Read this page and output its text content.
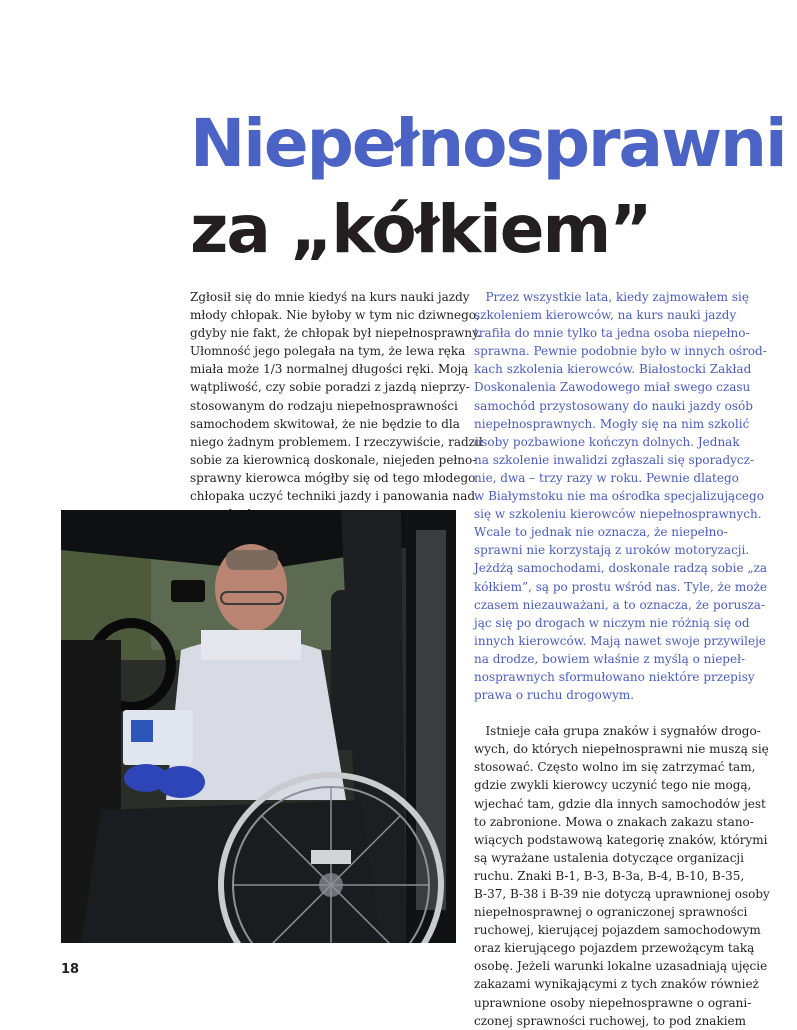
Niepełnosprawni
za „kółkiem”

Zgłosił się do mnie kiedyś na kurs nauki jazdy
młody chłopak. Nie byłoby w tym nic dziwnego,
gdyby nie fakt, że chłopak był niepełnosprawny.
Ułomność jego polegała na tym, że lewa ręka
miała może 1/3 normalnej długości ręki. Moją
wątpliwość, czy sobie poradzi z jazdą nieprzy-
stosowanym do rodzaju niepełnosprawności
samochodem skwitował, że nie będzie to dla
niego żadnym problemem. I rzeczywiście, radził
sobie za kierownicą doskonale, niejeden pełno-
sprawny kierowca mógłby się od tego młodego
chłopaka uczyć techniki jazdy i panowania nad

Przez wszystkie lata, kiedy zajmowałem się
szkoleniem kierowców, na kurs nauki jazdy
trafiła do mnie tylko ta jedna osoba niepełno-
sprawna. Pewnie podobnie było w innych ośrod-
kach szkolenia kierowców. Białostocki Zakład
Doskonalenia Zawodowego miał swego czasu
samochód przystosowany do nauki jazdy osób
niepełnosprawnych. Mogły się na nim szkolić
osoby pozbawione kończyn dolnych. Jednak
na szkolenie inwalidzi zgłaszali się sporadycz-
nie, dwa – trzy razy w roku. Pewnie dlatego
w Białymstoku nie ma ośrodka specjalizującego
się w szkoleniu kierowców niepełnosprawnych.
Wcale to jednak nie oznacza, że niepełno-
sprawni nie korzystają z uroków motoryzacji.
Jeżdżą samochodami, doskonale radzą sobie „za
kółkiem”, są po prostu wśród nas. Tyle, że może
czasem niezauważani, a to oznacza, że porusza-
jąc się po drogach w niczym nie różnią się od
innych kierowców. Mają nawet swoje przywileje
na drodze, bowiem właśnie z myślą o niepeł-
nosprawnych sformułowano niektóre przepisy
prawa o ruchu drogowym.

Istnieje cała grupa znaków i sygnałów drogo-
wych, do których niepełnosprawni nie muszą się
stosować. Często wolno im się zatrzymać tam,
gdzie zwykli kierowcy uczynić tego nie mogą,
wjechać tam, gdzie dla innych samochodów jest
to zabronione. Mowa o znakach zakazu stano-
wiących podstawową kategorię znaków, którymi
są wyrażane ustalenia dotyczące organizacji
ruchu. Znaki B-1, B-3, B-3a, B-4, B-10, B-35,
B-37, B-38 i B-39 nie dotyczą uprawnionej osoby
niepełnosprawnej o ograniczonej sprawności
ruchowej, kierującej pojazdem samochodowym
oraz kierującego pojazdem przewożącym taką
osobę. Jeżeli warunki lokalne uzasadniają ujęcie
zakazami wynikającymi z tych znaków również
uprawnione osoby niepełnosprawne o ograni-
czonej sprawności ruchowej, to pod znakiem

18
